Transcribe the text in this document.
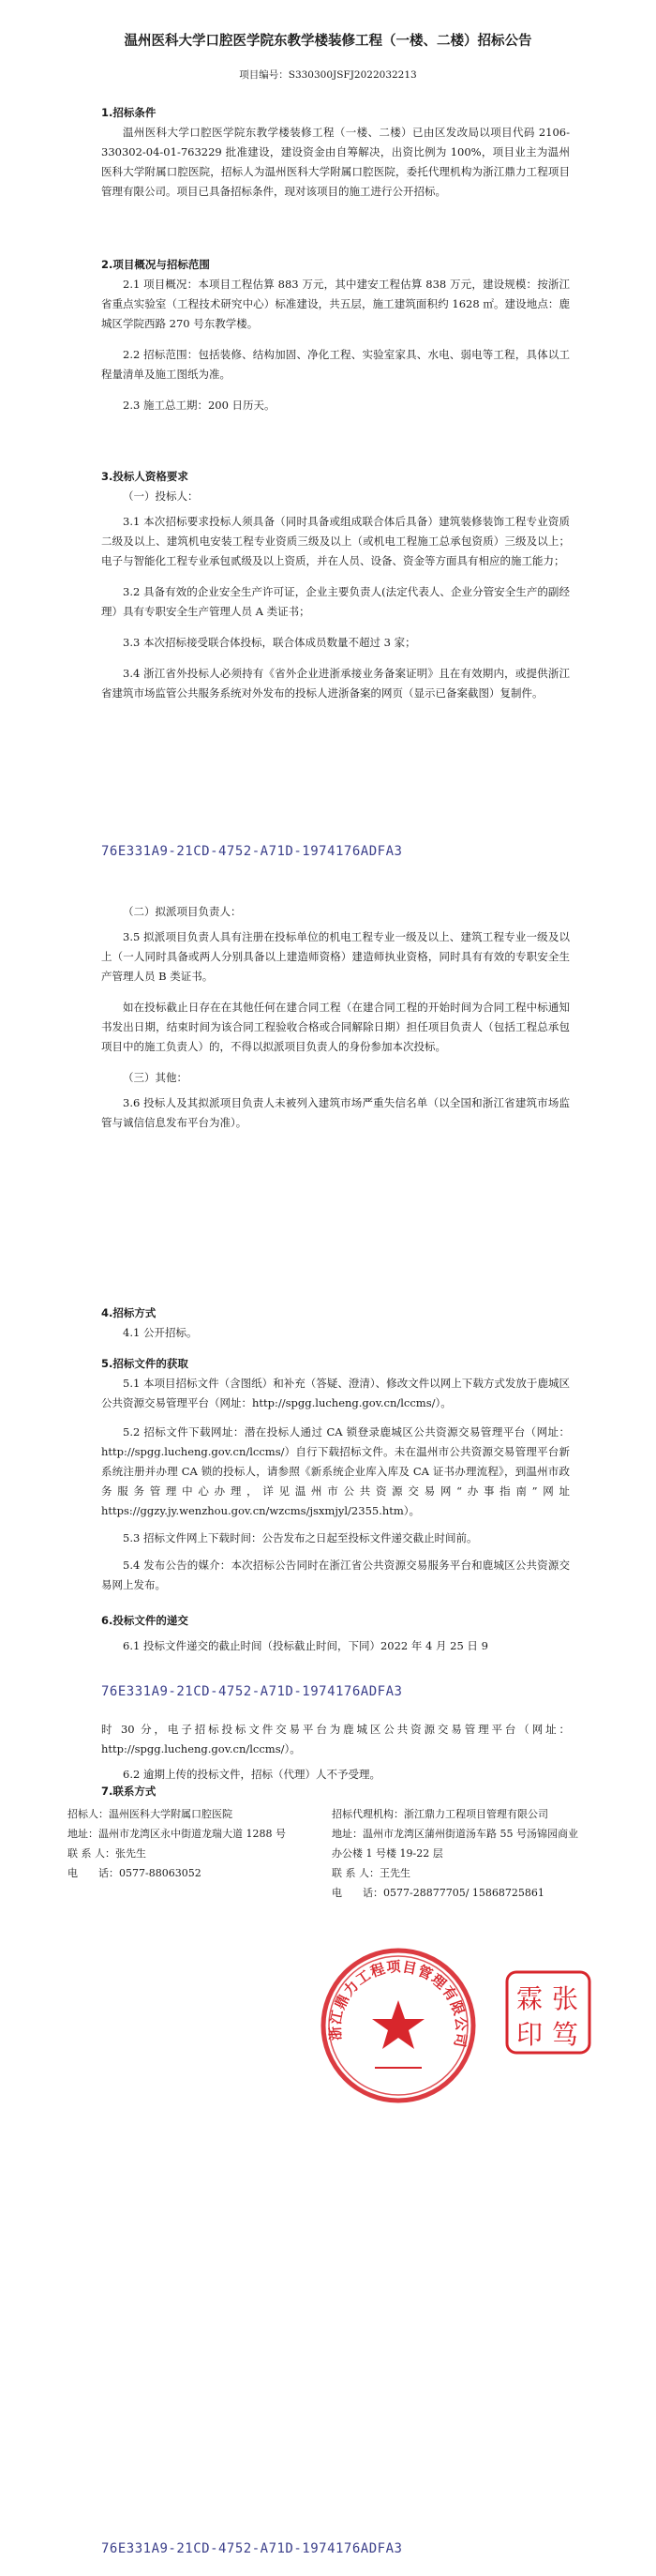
温州医科大学口腔医学院东教学楼装修工程（一楼、二楼）招标公告
项目编号：S330300JSFJ2022032213
1.招标条件

温州医科大学口腔医学院东教学楼装修工程（一楼、二楼）已由区发改局以项目代码 2106-330302-04-01-763229 批准建设，建设资金由自筹解决，出资比例为 100%，项目业主为温州医科大学附属口腔医院，招标人为温州医科大学附属口腔医院，委托代理机构为浙江鼎力工程项目管理有限公司。项目已具备招标条件，现对该项目的施工进行公开招标。

2.项目概况与招标范围

2.1 项目概况：本项目工程估算 883 万元，其中建安工程估算 838 万元，建设规模：按浙江省重点实验室（工程技术研究中心）标准建设，共五层，施工建筑面积约 1628 ㎡。建设地点：鹿城区学院西路 270 号东教学楼。

2.2 招标范围：包括装修、结构加固、净化工程、实验室家具、水电、弱电等工程，具体以工程量清单及施工图纸为准。

2.3 施工总工期：200 日历天。

3.投标人资格要求

（一）投标人：

3.1 本次招标要求投标人须具备（同时具备或组成联合体后具备）建筑装修装饰工程专业资质二级及以上、建筑机电安装工程专业资质三级及以上（或机电工程施工总承包资质）三级及以上；电子与智能化工程专业承包贰级及以上资质，并在人员、设备、资金等方面具有相应的施工能力；

3.2 具备有效的企业安全生产许可证，企业主要负责人(法定代表人、企业分管安全生产的副经理）具有专职安全生产管理人员 A 类证书；

3.3 本次招标接受联合体投标，联合体成员数量不超过 3 家；

3.4 浙江省外投标人必须持有《省外企业进浙承接业务备案证明》且在有效期内，或提供浙江省建筑市场监管公共服务系统对外发布的投标人进浙备案的网页（显示已备案截图）复制件。

76E331A9-21CD-4752-A71D-1974176ADFA3

（二）拟派项目负责人：

3.5 拟派项目负责人具有注册在投标单位的机电工程专业一级及以上、建筑工程专业一级及以上（一人同时具备或两人分别具备以上建造师资格）建造师执业资格，同时具有有效的专职安全生产管理人员 B 类证书。

如在投标截止日存在在其他任何在建合同工程（在建合同工程的开始时间为合同工程中标通知书发出日期，结束时间为该合同工程验收合格或合同解除日期）担任项目负责人（包括工程总承包项目中的施工负责人）的，不得以拟派项目负责人的身份参加本次投标。

（三）其他：

3.6 投标人及其拟派项目负责人未被列入建筑市场严重失信名单（以全国和浙江省建筑市场监管与诚信信息发布平台为准）。

4.招标方式

4.1 公开招标。

5.招标文件的获取

5.1 本项目招标文件（含图纸）和补充（答疑、澄清）、修改文件以网上下载方式发放于鹿城区公共资源交易管理平台（网址：http://spgg.lucheng.gov.cn/lccms/）。

5.2 招标文件下载网址：潜在投标人通过 CA 锁登录鹿城区公共资源交易管理平台（网址：http://spgg.lucheng.gov.cn/lccms/）自行下载招标文件。未在温州市公共资源交易管理平台新系统注册并办理 CA 锁的投标人，请参照《新系统企业库入库及 CA 证书办理流程》，到温州市政务服务管理中心办理，详见温州市公共资源交易网“办事指南”网址 https://ggzy.jy.wenzhou.gov.cn/wzcms/jsxmjyl/2355.htm）。

5.3 招标文件网上下载时间：公告发布之日起至投标文件递交截止时间前。

5.4 发布公告的媒介：本次招标公告同时在浙江省公共资源交易服务平台和鹿城区公共资源交易网上发布。

6.投标文件的递交

6.1 投标文件递交的截止时间（投标截止时间，下同）2022 年 4 月 25 日 9

76E331A9-21CD-4752-A71D-1974176ADFA3

时 30 分，电子招标投标文件交易平台为鹿城区公共资源交易管理平台（网址：http://spgg.lucheng.gov.cn/lccms/）。

6.2 逾期上传的投标文件，招标（代理）人不予受理。

7.联系方式
招标人：温州医科大学附属口腔医院
地址：温州市龙湾区永中街道龙瑞大道 1288 号
联 系 人：张先生
电　　话：0577-88063052
招标代理机构：浙江鼎力工程项目管理有限公司
地址：温州市龙湾区蒲州街道汤车路 55 号汤锦园商业办公楼 1 号楼 19-22 层
联 系 人：王先生
电　　话：0577-28877705/ 15868725861
浙江鼎力工程项目管理有限公司
张
霖
印 笃
76E331A9-21CD-4752-A71D-1974176ADFA3
